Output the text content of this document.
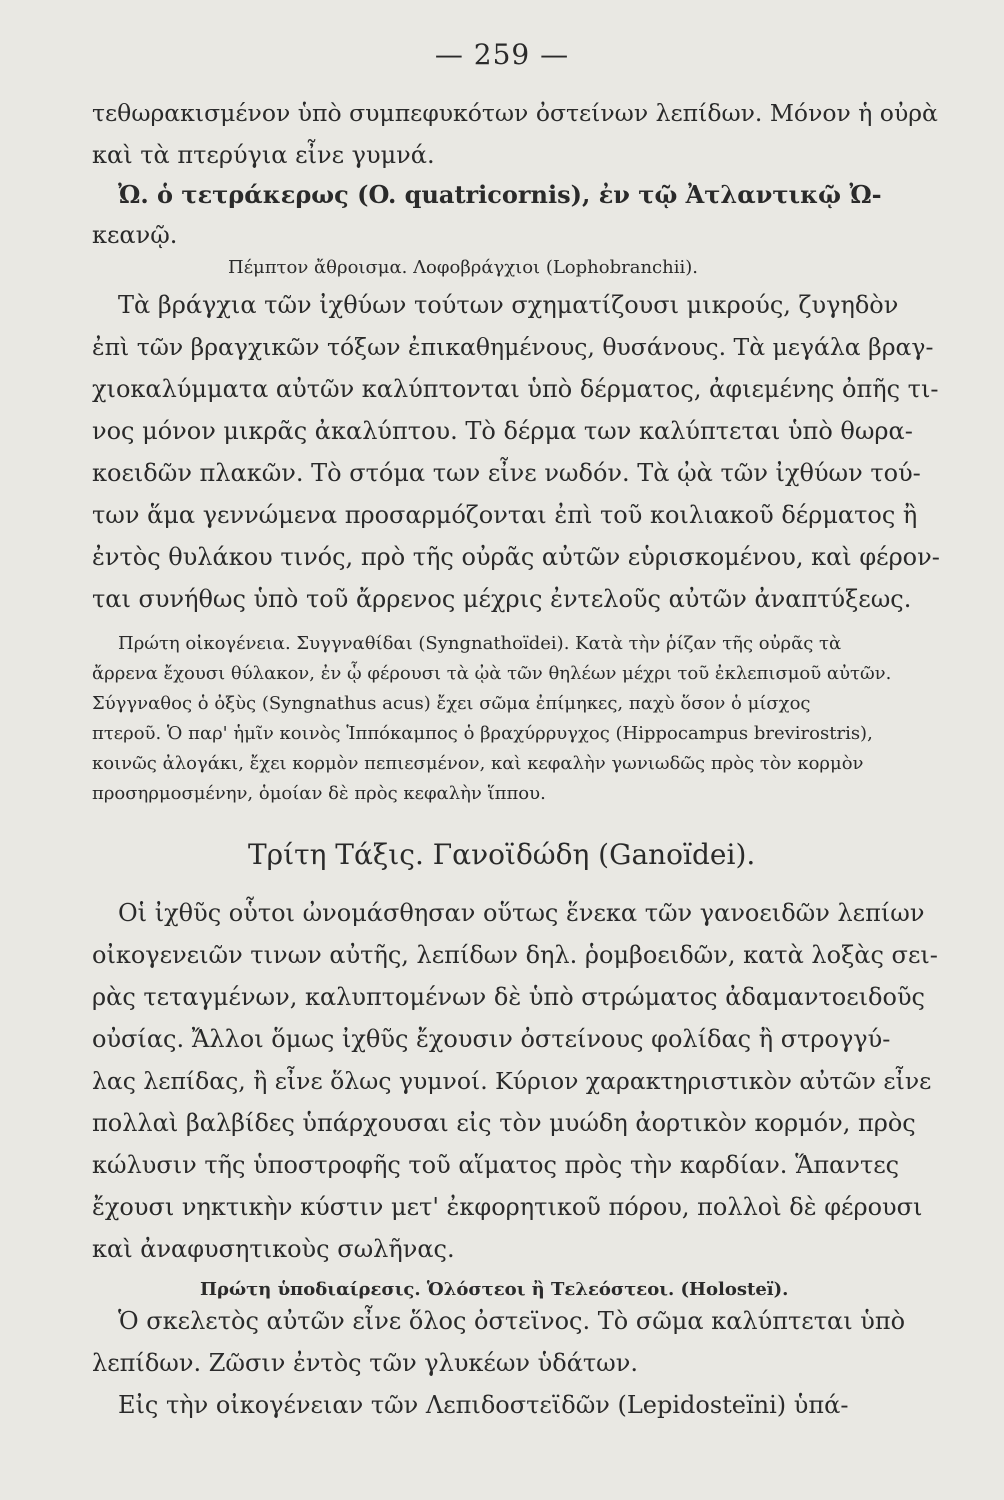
— 259 —
τεθωρακισμένον ὑπὸ συμπεφυκότων ὀστείνων λεπίδων. Μόνον ἡ οὐρὰ
καὶ τὰ πτερύγια εἶνε γυμνά.
Ὠ. ὁ τετράκερως (O. quatricornis), ἐν τῷ Ἀτλαντικῷ Ὠ-
κεανῷ.
Πέμπτον ἄθροισμα. Λοφοβράγχιοι (Lophobranchii).
Τὰ βράγχια τῶν ἰχθύων τούτων σχηματίζουσι μικρούς, ζυγηδὸν
ἐπὶ τῶν βραγχικῶν τόξων ἐπικαθημένους, θυσάνους. Τὰ μεγάλα βραγ-
χιοκαλύμματα αὐτῶν καλύπτονται ὑπὸ δέρματος, ἀφιεμένης ὀπῆς τι-
νος μόνον μικρᾶς ἀκαλύπτου. Τὸ δέρμα των καλύπτεται ὑπὸ θωρα-
κοειδῶν πλακῶν. Τὸ στόμα των εἶνε νωδόν. Τὰ ᾠὰ τῶν ἰχθύων τού-
των ἅμα γεννώμενα προσαρμόζονται ἐπὶ τοῦ κοιλιακοῦ δέρματος ἢ
ἐντὸς θυλάκου τινός, πρὸ τῆς οὐρᾶς αὐτῶν εὑρισκομένου, καὶ φέρον-
ται συνήθως ὑπὸ τοῦ ἄρρενος μέχρις ἐντελοῦς αὐτῶν ἀναπτύξεως.
Πρώτη οἰκογένεια. Συγγναθίδαι (Syngnathoïdei). Κατὰ τὴν ῥίζαν τῆς οὐρᾶς τὰ
ἄρρενα ἔχουσι θύλακον, ἐν ᾧ φέρουσι τὰ ᾠὰ τῶν θηλέων μέχρι τοῦ ἐκλεπισμοῦ αὐτῶν.
Σύγγναθος ὁ ὀξὺς (Syngnathus acus) ἔχει σῶμα ἐπίμηκες, παχὺ ὅσον ὁ μίσχος
πτεροῦ. Ὁ παρ' ἡμῖν κοινὸς Ἱππόκαμπος ὁ βραχύρρυγχος (Hippocampus brevirostris),
κοινῶς ἀλογάκι, ἔχει κορμὸν πεπιεσμένον, καὶ κεφαλὴν γωνιωδῶς πρὸς τὸν κορμὸν
προσηρμοσμένην, ὁμοίαν δὲ πρὸς κεφαλὴν ἵππου.
Τρίτη Τάξις. Γανοϊδώδη (Ganoïdei).
Οἱ ἰχθῦς οὗτοι ὠνομάσθησαν οὕτως ἕνεκα τῶν γανοειδῶν λεπίων
οἰκογενειῶν τινων αὐτῆς, λεπίδων δηλ. ῥομβοειδῶν, κατὰ λοξὰς σει-
ρὰς τεταγμένων, καλυπτομένων δὲ ὑπὸ στρώματος ἀδαμαντοειδοῦς
οὐσίας. Ἄλλοι ὅμως ἰχθῦς ἔχουσιν ὀστείνους φολίδας ἢ στρογγύ-
λας λεπίδας, ἢ εἶνε ὅλως γυμνοί. Κύριον χαρακτηριστικὸν αὐτῶν εἶνε
πολλαὶ βαλβίδες ὑπάρχουσαι εἰς τὸν μυώδη ἀορτικὸν κορμόν, πρὸς
κώλυσιν τῆς ὑποστροφῆς τοῦ αἵματος πρὸς τὴν καρδίαν. Ἅπαντες
ἔχουσι νηκτικὴν κύστιν μετ' ἐκφορητικοῦ πόρου, πολλοὶ δὲ φέρουσι
καὶ ἀναφυσητικοὺς σωλῆνας.
Πρώτη ὑποδιαίρεσις. Ὁλόστεοι ἢ Τελεόστεοι. (Holosteï).
Ὁ σκελετὸς αὐτῶν εἶνε ὅλος ὀστεϊνος. Τὸ σῶμα καλύπτεται ὑπὸ
λεπίδων. Ζῶσιν ἐντὸς τῶν γλυκέων ὑδάτων.
Εἰς τὴν οἰκογένειαν τῶν Λεπιδοστεϊδῶν (Lepidosteïni) ὑπά-
